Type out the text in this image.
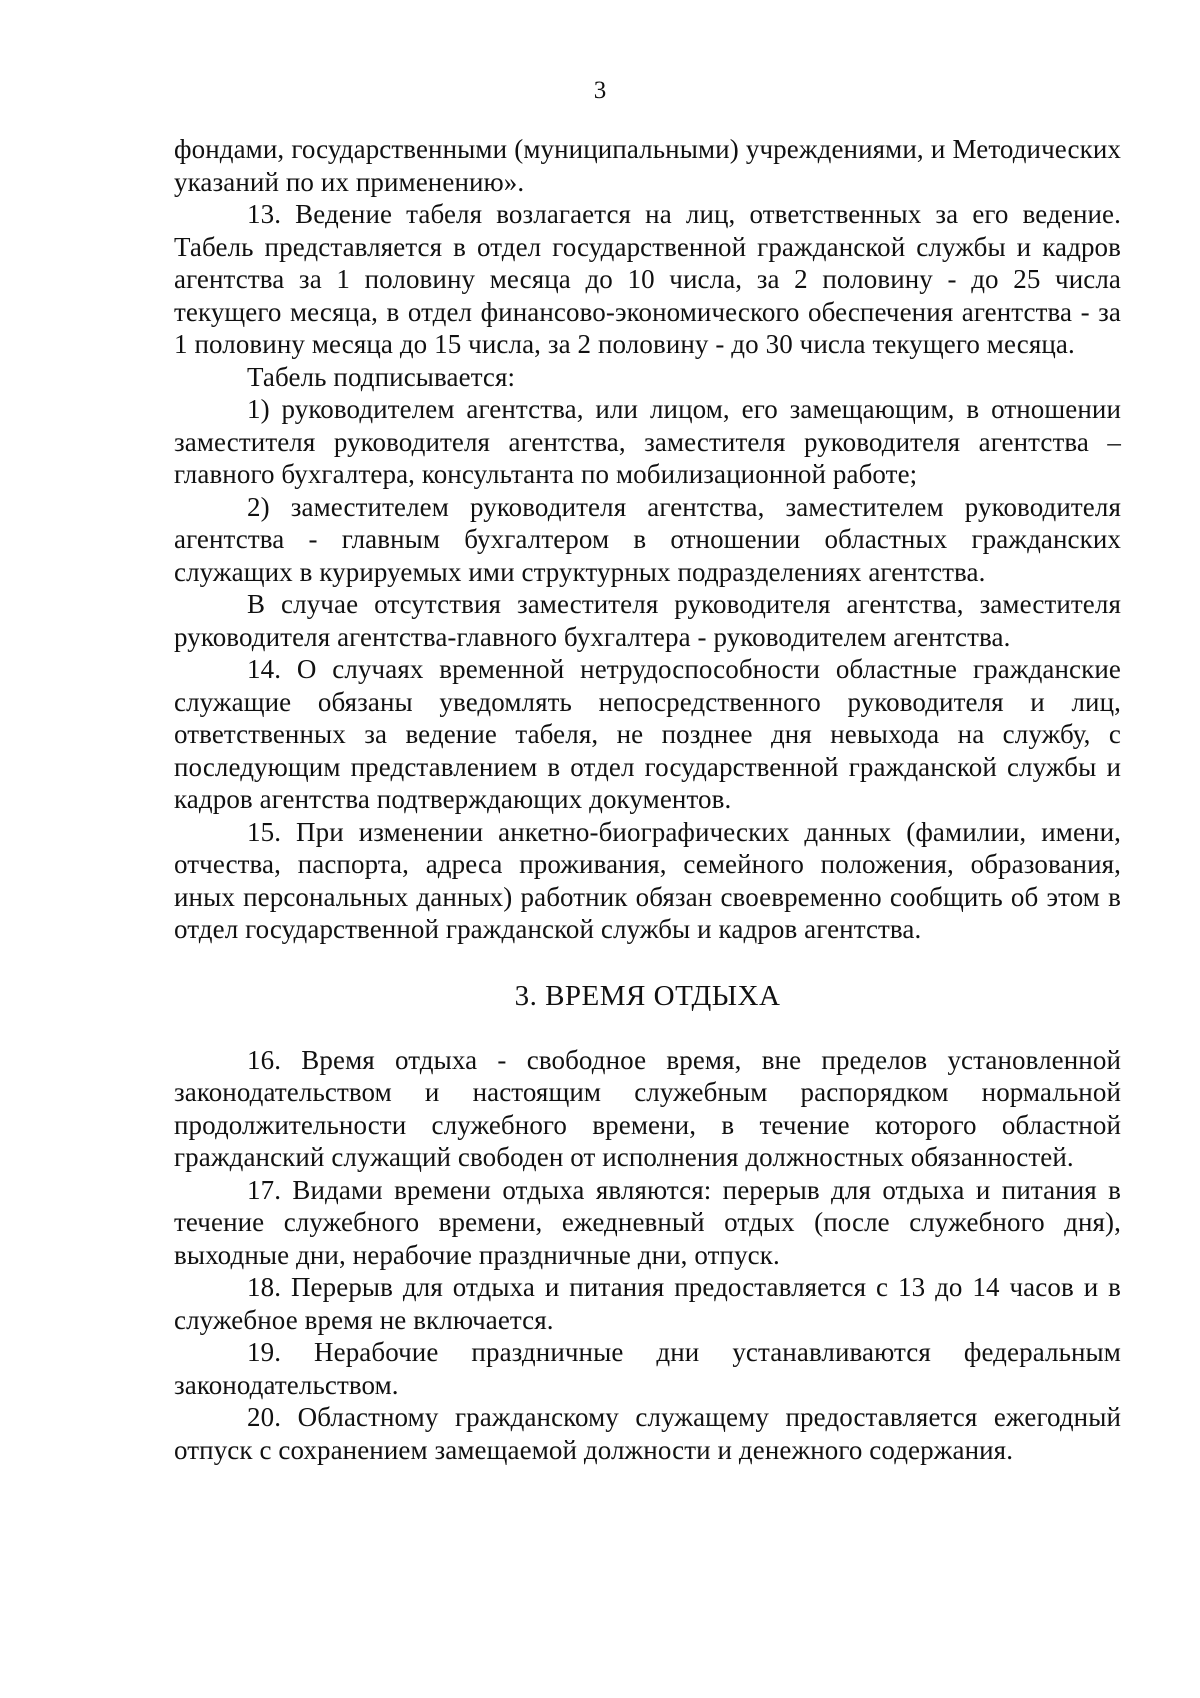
3

фондами, государственными (муниципальными) учреждениями, и Методических указаний по их применению».

13. Ведение табеля возлагается на лиц, ответственных за его ведение. Табель представляется в отдел государственной гражданской службы и кадров агентства за 1 половину месяца до 10 числа, за 2 половину - до 25 числа текущего месяца, в отдел финансово-экономического обеспечения агентства - за 1 половину месяца до 15 числа, за 2 половину - до 30 числа текущего месяца.

Табель подписывается:

1) руководителем агентства, или лицом, его замещающим, в отношении заместителя руководителя агентства, заместителя руководителя агентства – главного бухгалтера, консультанта по мобилизационной работе;

2) заместителем руководителя агентства, заместителем руководителя агентства - главным бухгалтером в отношении областных гражданских служащих в курируемых ими структурных подразделениях агентства.

В случае отсутствия заместителя руководителя агентства, заместителя руководителя агентства-главного бухгалтера - руководителем агентства.

14. О случаях временной нетрудоспособности областные гражданские служащие обязаны уведомлять непосредственного руководителя и лиц, ответственных за ведение табеля, не позднее дня невыхода на службу, с последующим представлением в отдел государственной гражданской службы и кадров агентства подтверждающих документов.

15. При изменении анкетно-биографических данных (фамилии, имени, отчества, паспорта, адреса проживания, семейного положения, образования, иных персональных данных) работник обязан своевременно сообщить об этом в отдел государственной гражданской службы и кадров агентства.

3. ВРЕМЯ ОТДЫХА

16. Время отдыха - свободное время, вне пределов установленной законодательством и настоящим служебным распорядком нормальной продолжительности служебного времени, в течение которого областной гражданский служащий свободен от исполнения должностных обязанностей.

17. Видами времени отдыха являются: перерыв для отдыха и питания в течение служебного времени, ежедневный отдых (после служебного дня), выходные дни, нерабочие праздничные дни, отпуск.

18. Перерыв для отдыха и питания предоставляется с 13 до 14 часов и в служебное время не включается.

19. Нерабочие праздничные дни устанавливаются федеральным законодательством.

20. Областному гражданскому служащему предоставляется ежегодный отпуск с сохранением замещаемой должности и денежного содержания.
